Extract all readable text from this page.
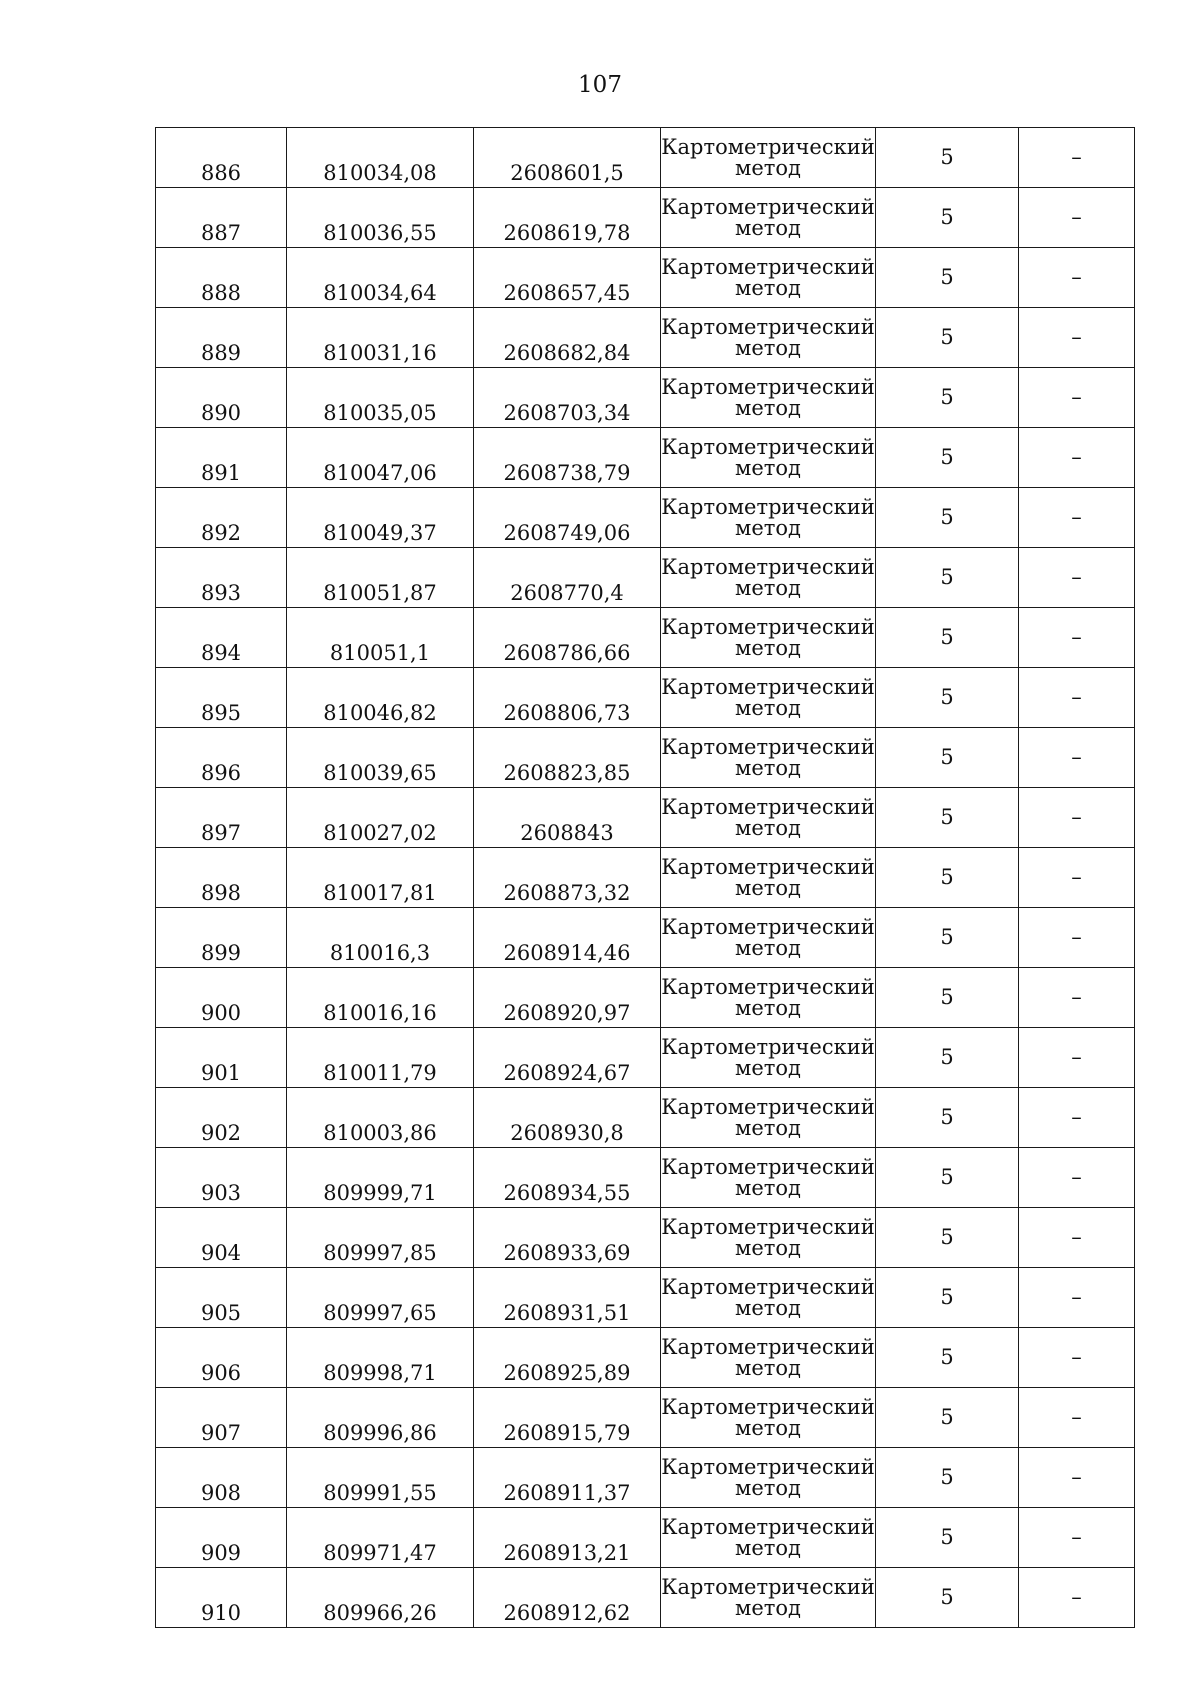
107
886	810034,08	2608601,5	Картометрический
метод	5	–
887	810036,55	2608619,78	Картометрический
метод	5	–
888	810034,64	2608657,45	Картометрический
метод	5	–
889	810031,16	2608682,84	Картометрический
метод	5	–
890	810035,05	2608703,34	Картометрический
метод	5	–
891	810047,06	2608738,79	Картометрический
метод	5	–
892	810049,37	2608749,06	Картометрический
метод	5	–
893	810051,87	2608770,4	Картометрический
метод	5	–
894	810051,1	2608786,66	Картометрический
метод	5	–
895	810046,82	2608806,73	Картометрический
метод	5	–
896	810039,65	2608823,85	Картометрический
метод	5	–
897	810027,02	2608843	Картометрический
метод	5	–
898	810017,81	2608873,32	Картометрический
метод	5	–
899	810016,3	2608914,46	Картометрический
метод	5	–
900	810016,16	2608920,97	Картометрический
метод	5	–
901	810011,79	2608924,67	Картометрический
метод	5	–
902	810003,86	2608930,8	Картометрический
метод	5	–
903	809999,71	2608934,55	Картометрический
метод	5	–
904	809997,85	2608933,69	Картометрический
метод	5	–
905	809997,65	2608931,51	Картометрический
метод	5	–
906	809998,71	2608925,89	Картометрический
метод	5	–
907	809996,86	2608915,79	Картометрический
метод	5	–
908	809991,55	2608911,37	Картометрический
метод	5	–
909	809971,47	2608913,21	Картометрический
метод	5	–
910	809966,26	2608912,62	Картометрический
метод	5	–
